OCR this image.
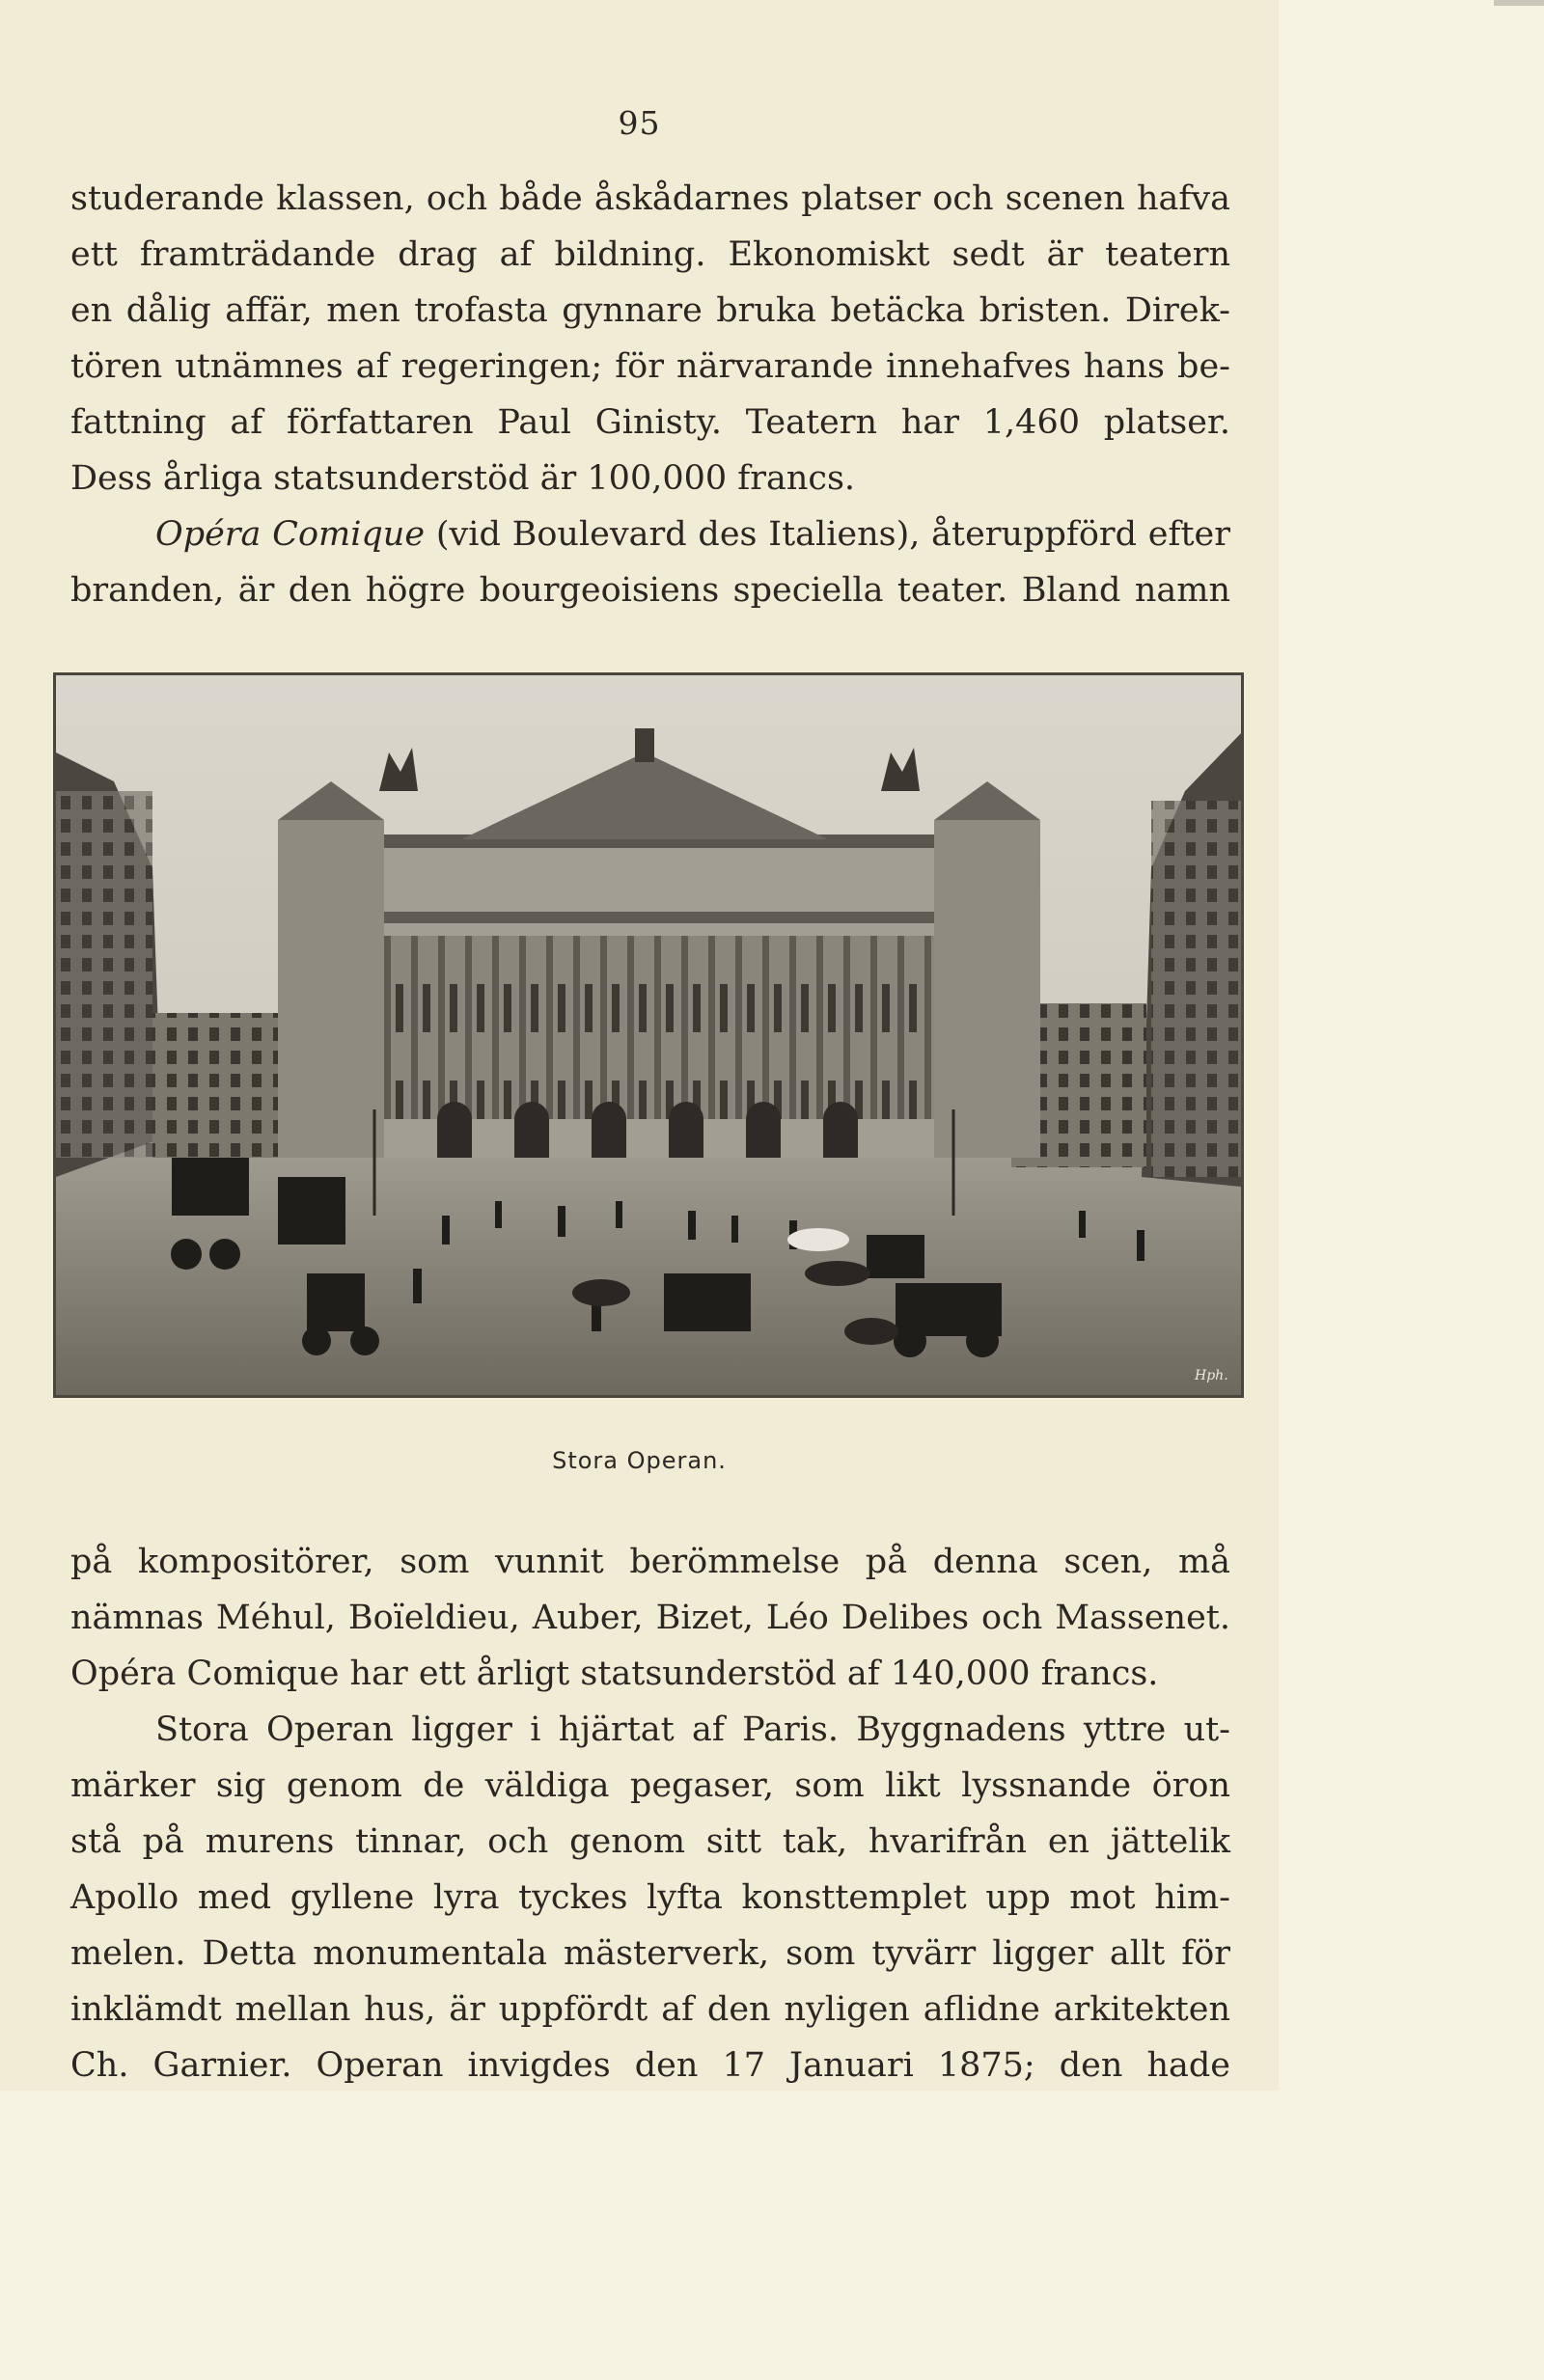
95
studerande klassen, och både åskådarnes platser och scenen hafva
ett framträdande drag af bildning. Ekonomiskt sedt är teatern
en dålig affär, men trofasta gynnare bruka betäcka bristen. Direk-
tören utnämnes af regeringen; för närvarande innehafves hans be-
fattning af författaren Paul Ginisty. Teatern har 1,460 platser.
Dess årliga statsunderstöd är 100,000 francs.
Opéra Comique (vid Boulevard des Italiens), återuppförd efter
branden, är den högre bourgeoisiens speciella teater. Bland namn
Hph.
Stora Operan.
på kompositörer, som vunnit berömmelse på denna scen, må
nämnas Méhul, Boïeldieu, Auber, Bizet, Léo Delibes och Massenet.
Opéra Comique har ett årligt statsunderstöd af 140,000 francs.
Stora Operan ligger i hjärtat af Paris. Byggnadens yttre ut-
märker sig genom de väldiga pegaser, som likt lyssnande öron
stå på murens tinnar, och genom sitt tak, hvarifrån en jättelik
Apollo med gyllene lyra tyckes lyfta konsttemplet upp mot him-
melen. Detta monumentala mästerverk, som tyvärr ligger allt för
inklämdt mellan hus, är uppfördt af den nyligen aflidne arkitekten
Ch. Garnier. Operan invigdes den 17 Januari 1875; den hade
